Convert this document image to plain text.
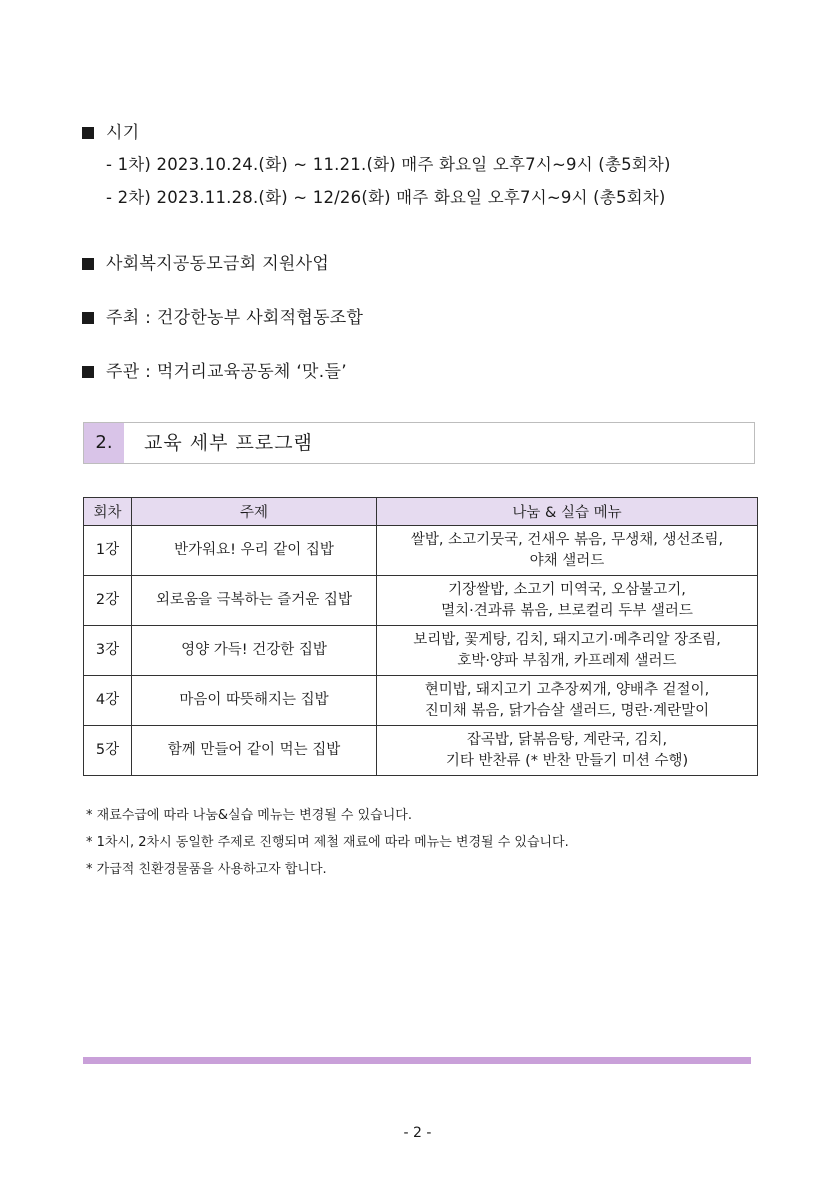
시기
- 1차) 2023.10.24.(화) ~ 11.21.(화) 매주 화요일 오후7시~9시 (총5회차)
- 2차) 2023.11.28.(화) ~ 12/26(화) 매주 화요일 오후7시~9시 (총5회차)
사회복지공동모금회 지원사업
주최 : 건강한농부 사회적협동조합
주관 : 먹거리교육공동체 ‘맛.들’
2.	교육 세부 프로그램
회차	주제	나눔 & 실습 메뉴
1강	반가워요! 우리 같이 집밥	쌀밥, 소고기뭇국, 건새우 볶음, 무생채, 생선조림,
야채 샐러드

2강	외로움을 극복하는 즐거운 집밥	기장쌀밥, 소고기 미역국, 오삼불고기,
멸치·견과류 볶음, 브로컬리 두부 샐러드

3강	영양 가득! 건강한 집밥	보리밥, 꽃게탕, 김치, 돼지고기·메추리알 장조림,
호박·양파 부침개, 카프레제 샐러드

4강	마음이 따뜻해지는 집밥	현미밥, 돼지고기 고추장찌개, 양배추 겉절이,
진미채 볶음, 닭가슴살 샐러드, 명란·계란말이

5강	함께 만들어 같이 먹는 집밥	잡곡밥, 닭볶음탕, 계란국, 김치,
기타 반찬류 (* 반찬 만들기 미션 수행)
* 재료수급에 따라 나눔&실습 메뉴는 변경될 수 있습니다.
* 1차시, 2차시 동일한 주제로 진행되며 제철 재료에 따라 메뉴는 변경될 수 있습니다.
* 가급적 친환경물품을 사용하고자 합니다.
- 2 -
